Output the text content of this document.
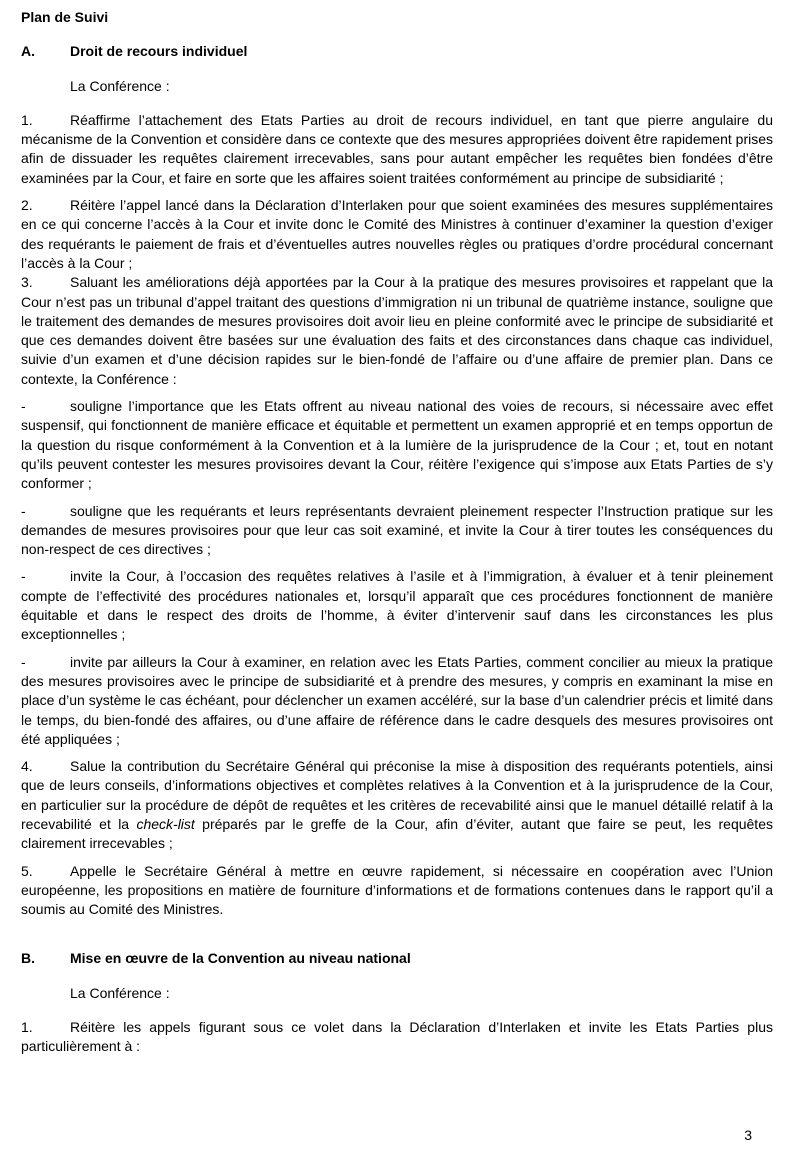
Plan de Suivi
A.	Droit de recours individuel

La Conférence :

1.	Réaffirme l’attachement des Etats Parties au droit de recours individuel, en tant que pierre angulaire du mécanisme de la Convention et considère dans ce contexte que des mesures appropriées doivent être rapidement prises afin de dissuader les requêtes clairement irrecevables, sans pour autant empêcher les requêtes bien fondées d’être examinées par la Cour, et faire en sorte que les affaires soient traitées conformément au principe de subsidiarité ;

2.	Réitère l’appel lancé dans la Déclaration d’Interlaken pour que soient examinées des mesures supplémentaires en ce qui concerne l’accès à la Cour et invite donc le Comité des Ministres à continuer d’examiner la question d’exiger des requérants le paiement de frais et d’éventuelles autres nouvelles règles ou pratiques d’ordre procédural concernant l’accès à la Cour ;

3.	Saluant les améliorations déjà apportées par la Cour à la pratique des mesures provisoires et rappelant que la Cour n’est pas un tribunal d’appel traitant des questions d’immigration ni un tribunal de quatrième instance, souligne que le traitement des demandes de mesures provisoires doit avoir lieu en pleine conformité avec le principe de subsidiarité et que ces demandes doivent être basées sur une évaluation des faits et des circonstances dans chaque cas individuel, suivie d’un examen et d’une décision rapides sur le bien-fondé de l’affaire ou d’une affaire de premier plan. Dans ce contexte, la Conférence :

-	souligne l’importance que les Etats offrent au niveau national des voies de recours, si nécessaire avec effet suspensif, qui fonctionnent de manière efficace et équitable et permettent un examen approprié et en temps opportun de la question du risque conformément à la Convention et à la lumière de la jurisprudence de la Cour ; et, tout en notant qu’ils peuvent contester les mesures provisoires devant la Cour, réitère l’exigence qui s’impose aux Etats Parties de s’y conformer ;

-	souligne que les requérants et leurs représentants devraient pleinement respecter l’Instruction pratique sur les demandes de mesures provisoires pour que leur cas soit examiné, et invite la Cour à tirer toutes les conséquences du non-respect de ces directives ;

-	invite la Cour, à l’occasion des requêtes relatives à l’asile et à l’immigration, à évaluer et à tenir pleinement compte de l’effectivité des procédures nationales et, lorsqu’il apparaît que ces procédures fonctionnent de manière équitable et dans le respect des droits de l’homme, à éviter d’intervenir sauf dans les circonstances les plus exceptionnelles ;

-	invite par ailleurs la Cour à examiner, en relation avec les Etats Parties, comment concilier au mieux la pratique des mesures provisoires avec le principe de subsidiarité et à prendre des mesures, y compris en examinant la mise en place d’un système le cas échéant, pour déclencher un examen accéléré, sur la base d’un calendrier précis et limité dans le temps, du bien-fondé des affaires, ou d’une affaire de référence dans le cadre desquels des mesures provisoires ont été appliquées ;

4.	Salue la contribution du Secrétaire Général qui préconise la mise à disposition des requérants potentiels, ainsi que de leurs conseils, d’informations objectives et complètes relatives à la Convention et à la jurisprudence de la Cour, en particulier sur la procédure de dépôt de requêtes et les critères de recevabilité ainsi que le manuel détaillé relatif à la recevabilité et la check-list préparés par le greffe de la Cour, afin d’éviter, autant que faire se peut, les requêtes clairement irrecevables ;

5.	Appelle le Secrétaire Général à mettre en œuvre rapidement, si nécessaire en coopération avec l’Union européenne, les propositions en matière de fourniture d’informations et de formations contenues dans le rapport qu’il a soumis au Comité des Ministres.

B.	Mise en œuvre de la Convention au niveau national

La Conférence :

1.	Réitère les appels figurant sous ce volet dans la Déclaration d’Interlaken et invite les Etats Parties plus particulièrement à :

3
